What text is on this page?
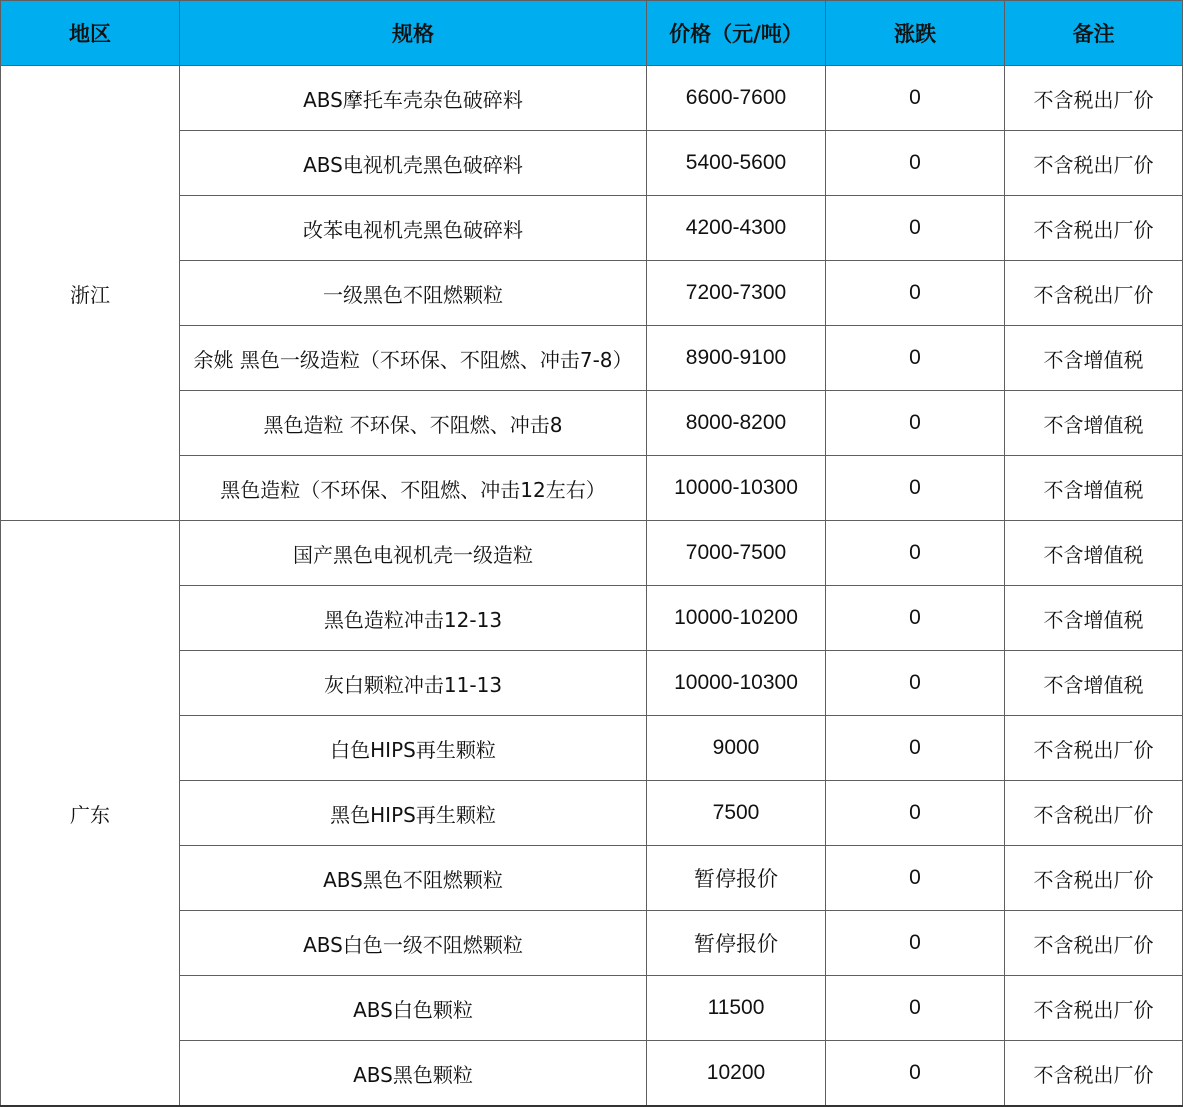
地区	规格	价格（元/吨）	涨跌	备注
浙江	ABS摩托车壳杂色破碎料	6600-7600	0	不含税出厂价
	ABS电视机壳黑色破碎料	5400-5600	0	不含税出厂价
	改苯电视机壳黑色破碎料	4200-4300	0	不含税出厂价
	一级黑色不阻燃颗粒	7200-7300	0	不含税出厂价
	余姚 黑色一级造粒（不环保、不阻燃、冲击7-8）	8900-9100	0	不含增值税
	黑色造粒 不环保、不阻燃、冲击8	8000-8200	0	不含增值税
	黑色造粒（不环保、不阻燃、冲击12左右）	10000-10300	0	不含增值税
广东	国产黑色电视机壳一级造粒	7000-7500	0	不含增值税
	黑色造粒冲击12-13	10000-10200	0	不含增值税
	灰白颗粒冲击11-13	10000-10300	0	不含增值税
	白色HIPS再生颗粒	9000	0	不含税出厂价
	黑色HIPS再生颗粒	7500	0	不含税出厂价
	ABS黑色不阻燃颗粒	暂停报价	0	不含税出厂价
	ABS白色一级不阻燃颗粒	暂停报价	0	不含税出厂价
	ABS白色颗粒	11500	0	不含税出厂价
	ABS黑色颗粒	10200	0	不含税出厂价
